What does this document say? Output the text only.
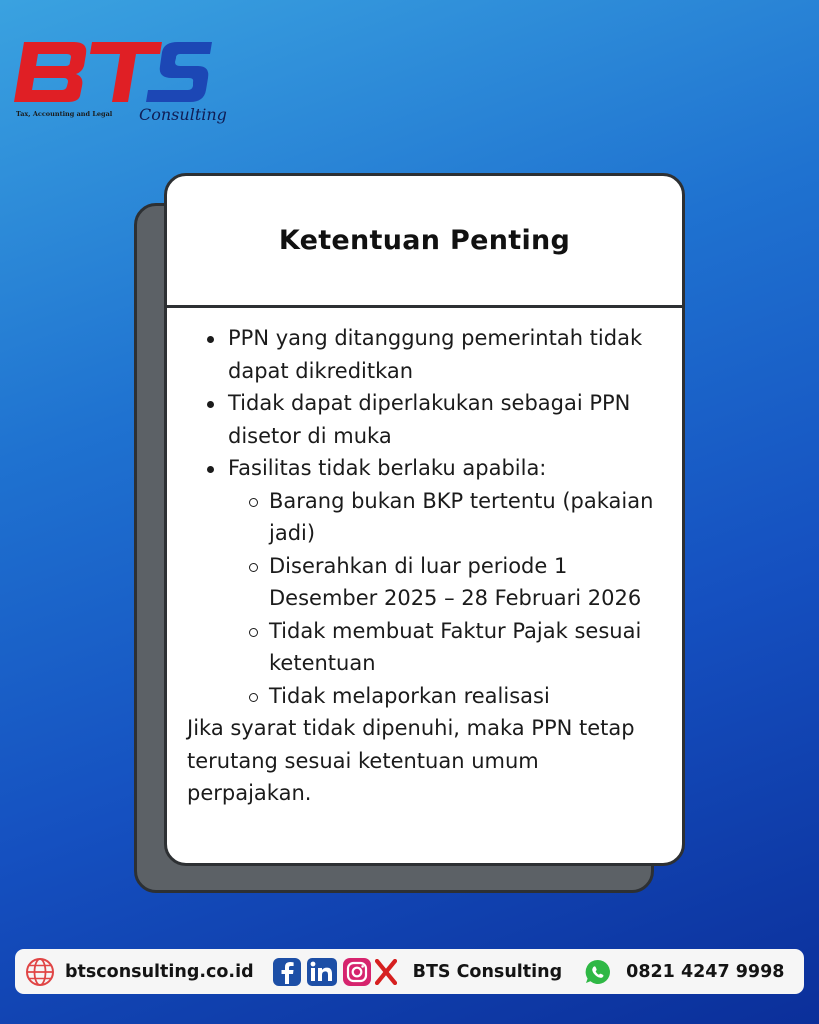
Tax, Accounting and Legal Consulting
Ketentuan Penting
PPN yang ditanggung pemerintah tidak dapat dikreditkan
Tidak dapat diperlakukan sebagai PPN disetor di muka
Fasilitas tidak berlaku apabila:
Barang bukan BKP tertentu (pakaian jadi)
Diserahkan di luar periode 1 Desember 2025 – 28 Februari 2026
Tidak membuat Faktur Pajak sesuai ketentuan
Tidak melaporkan realisasi

Jika syarat tidak dipenuhi, maka PPN tetap terutang sesuai ketentuan umum perpajakan.

btsconsulting.co.id	BTS Consulting	0821 4247 9998
